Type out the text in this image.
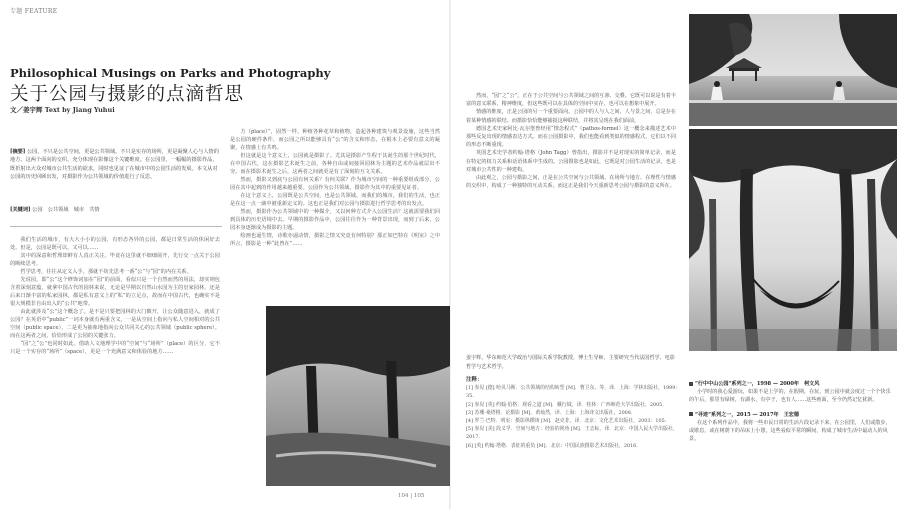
专题 FEATURE
Philosophical Musings on Parks and Photography
关于公园与摄影的点滴哲思
文／姜宇辉 Text by Jiang Yuhui
[摘要] 公园，不只是公共空间，更是公共领域。不只是实存的场所，更是凝聚人心与人情的地方。这两个面向的交织，充分体现在影像这个关键维度。在公园里，一幅幅的摄影作品，既折射出大众对城市公共生活的欲求，同时也见证了在城市中的公园生活的发展。本文从对公园的历史回顾出发，对摄影作为公共领域的价值进行了反思。
[关键词] 公园　公共领域　城市　共情

我们生活的城市，有大大小小的公园，有形态各异的公园，都是日常生活的休闲好去处。但是，公园是既可以，又可以……

其中的深意和哲理却鲜有人真正关注。毕竟在这里就不细细展开，先行交一点关于公园的断续思考。

哲学思考，往往从定义入手。那就不妨先思考一番“公”与“园”的内在关系。

先说园，即“公”这个修饰词加在“园”的前面，看似只是一个自然而然的用法，却实则包含着深刻意蕴。就拿中国古代的园林来说，无论是早期以自然山水园为主的皇家园林，还是后来日渐丰富的私家园林，都是私有意义上的“私”的立足点，故而在中国古代，也确实不是很大规模非自由出入的“公共”地带。

由此就涉及“公”这个概念了。是不是只要把园林的大门敞开，让公众随意进入，就成了公园？在英语中“public”一词本身就有两重含义，一是从空间上指向与私人空间相对的公共空间（public space），二是更为抽象地指向公众共同关心的公共领域（public sphere）。而在这两者之间，恰恰形成了公园的关键张力。

“园”之“公”也同时如此。借助人文地理学中的“空间”与“场所”（place）的区分，它不只是一个实存的“场所”（space），更是一个充满意义和体验的地方……

方（place）”，固然一样。种植各种花草和植物，造起各种建筑与观景设施，这些当然是公园的硬件条件，而公园之所以能够具有“公”的含义和形态，在根本上必要有意义的凝聚，在情感上有共鸣。

但这就是这个意义上，公园就是摄影了。尤其是摄影产生程于其诞生的那个世纪时代，在中国古代，这在摄影艺术诞生之前，各种自由或间接回园林为主题的艺术作品就层出不穷。而在摄影术诞生之后，这两者之间就更是有了深刻的互文关系。

然而，摄影又到底与公园有何关系？有何关联？作为城市空间的一种重要组成部分，公园在其中起到的作用越来越重要。公园作为公共领域，摄影作为其中的重要见证者。

在这个意义上，公园既是公共空间，也是公共领域。而我们的城市，我们的生活，也正是在这一点一滴中被重新定义的。这也正是我们对公园与摄影进行哲学思考的出发点。

然而，摄影作为公共领域中的一种媒介，又以何种方式介入公园生活？这就需要我们回到具体的历史语境中去。早期的摄影作品中，公园往往作为一种背景出现，而到了后来，公园本身逐渐成为摄影的主题。

绘画也逼生情，诗歌亦逼动情，摄影之情又究竟有何特别？那正如巴特在《明室》之中所言，摄影是一种“此曾在”……

104 | 105
然而，“园”之“公”，正在于公共空间与公共领域之间的互渗、交叠。它既可以说是有着丰富的意义联系，精神维度，但这些既可以在具体的空间中实存，也可以在想象中展开。
情感的维度，正是公园的另一个重要面向。公园中的人与人之间、人与景之间，总是存在着某种情感的联结。而摄影恰恰能够捕捉这种联结，并将其呈现在我们面前。
德国艺术史家阿比·瓦尔堡曾经用“情念程式”（pathos-formel）这一概念来描述艺术中那些反复出现的情感表达方式。而在公园摄影中，我们也能看到类似的情感程式，它们以不同的形态不断重现。
英国艺术史学者约翰·塔格（John Tagg）曾指出，摄影并不是对现实的简单记录，而是在特定的权力关系和话语体系中生成的。公园摄影也是如此，它既是对公园生活的记录，也是对城市公共性的一种建构。
由此观之，公园与摄影之间，正是在公共空间与公共领域、在场所与地方、在理性与情感的交织中，构成了一种独特的互动关系。而这正是我们今天重新思考公园与摄影的意义所在。
姜宇辉，华东师范大学政治与国际关系学院教授，博士生导师，主要研究当代法国哲学、电影哲学与艺术哲学。
注释：
[1] 参见 [德] 哈贝马斯．公共领域的结构转型 [M]．曹卫东，等，译．上海：学林出版社，1999：35.
[2] 参见 [英] 约翰·伯格．观看之道 [M]．戴行钺，译．桂林：广西师范大学出版社，2005．
[3] 苏珊·桑塔格．论摄影 [M]．黄灿然，译．上海：上海译文出版社，2008．
[4] 罗兰·巴特．明室：摄影纵横谈 [M]．赵克非，译．北京：文化艺术出版社，2003：105.
[5] 参见 [美] 段义孚．空间与地方：经验的视角 [M]．王志标，译．北京：中国人民大学出版社，2017．
[6] [英] 约翰·塔格．表征的重负 [M]．北京：中国民族摄影艺术出版社，2016．
“行中中山公园”系列之一，1998 — 2000年　柯文风
小学时的我心爱游玩，如果不是上学的，在假期，在玩，到公园中就会度过一个个快乐的午后，那里有绿树，有湖水，有亭子，也有人……这些画面，至今仍然记忆犹新。
“寻迹”系列之一，2015 — 2017年　王宏德
在这个系列作品中，我将一些市民日常的生活片段记录下来，在公园里，人们或散步，或歇息，或在树荫下的吊床上小憩，这些看似平常的瞬间，构成了城市生活中最动人的风景。
